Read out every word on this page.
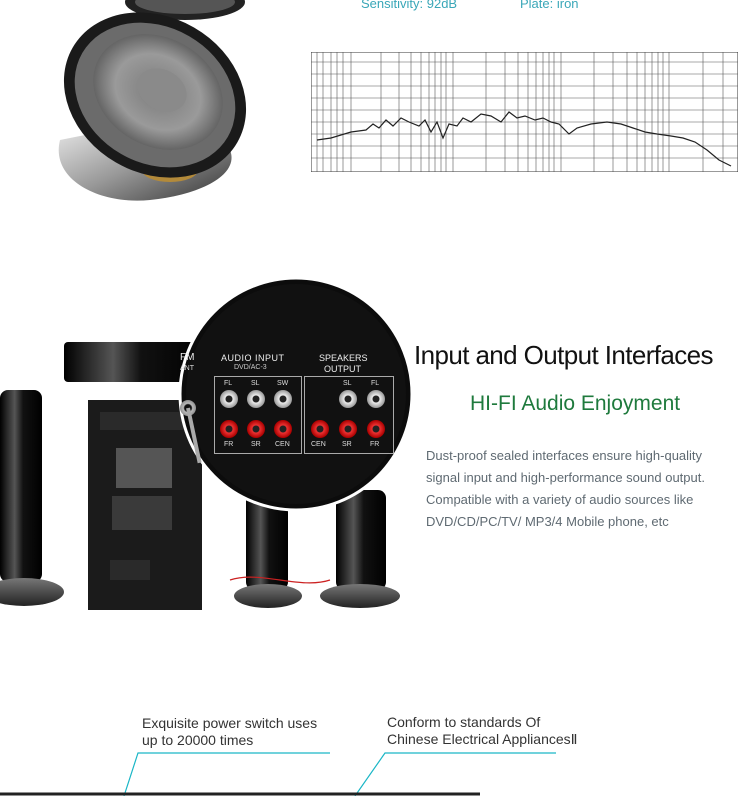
Sensitivity: 92dB	Plate: iron
FM
ANT
AUDIO INPUT
DVD/AC-3
SPEAKERS
OUTPUT
FL	SL SW
FR	SR CEN
SL	FL
CEN SR	FR
Input and Output Interfaces
HI-FI Audio Enjoyment
Dust-proof sealed interfaces ensure high-quality
signal input and high-performance sound output.
Compatible with a variety of audio sources like
DVD/CD/PC/TV/ MP3/4 Mobile phone, etc
Exquisite power switch uses
up to 20000 times
Conform to standards Of
Chinese Electrical AppliancesⅡ
